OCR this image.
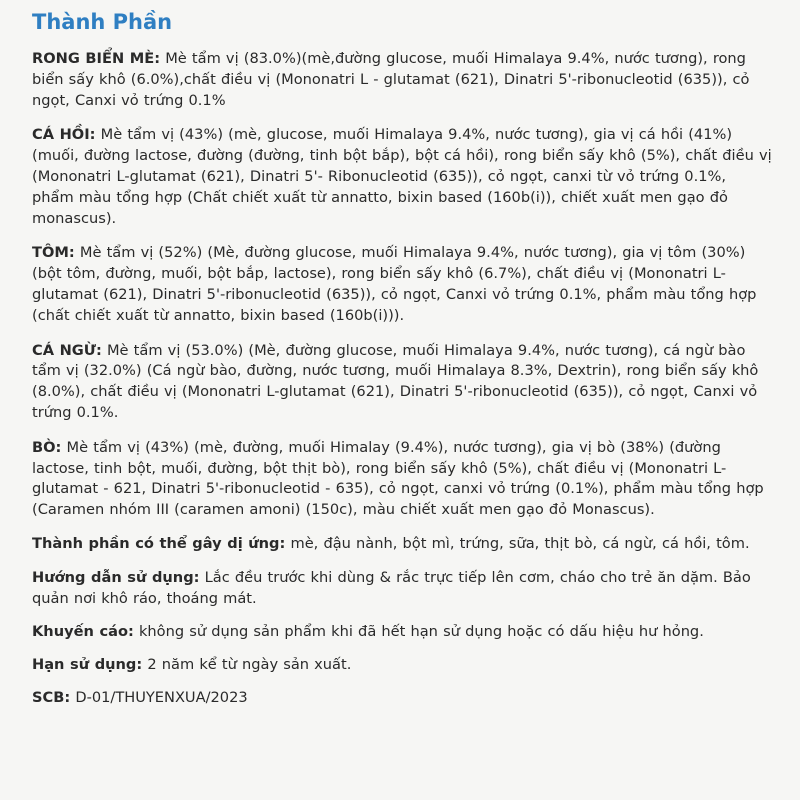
Thành Phần

RONG BIỂN MÈ: Mè tẩm vị (83.0%)(mè,đường glucose, muối Himalaya 9.4%, nước tương), rong biển sấy khô (6.0%),chất điều vị (Mononatri L - glutamat (621), Dinatri 5'-ribonucleotid (635)), cỏ ngọt, Canxi vỏ trứng 0.1%

CÁ HỒI: Mè tẩm vị (43%) (mè, glucose, muối Himalaya 9.4%, nước tương), gia vị cá hồi (41%) (muối, đường lactose, đường (đường, tinh bột bắp), bột cá hồi), rong biển sấy khô (5%), chất điều vị (Mononatri L-glutamat (621), Dinatri 5'- Ribonucleotid (635)), cỏ ngọt, canxi từ vỏ trứng 0.1%, phẩm màu tổng hợp (Chất chiết xuất từ annatto, bixin based (160b(i)), chiết xuất men gạo đỏ monascus).

TÔM: Mè tẩm vị (52%) (Mè, đường glucose, muối Himalaya 9.4%, nước tương), gia vị tôm (30%) (bột tôm, đường, muối, bột bắp, lactose), rong biển sấy khô (6.7%), chất điều vị (Mononatri L-glutamat (621), Dinatri 5'-ribonucleotid (635)), cỏ ngọt, Canxi vỏ trứng 0.1%, phẩm màu tổng hợp (chất chiết xuất từ annatto, bixin based (160b(i))).

CÁ NGỪ: Mè tẩm vị (53.0%) (Mè, đường glucose, muối Himalaya 9.4%, nước tương), cá ngừ bào tẩm vị (32.0%) (Cá ngừ bào, đường, nước tương, muối Himalaya 8.3%, Dextrin), rong biển sấy khô (8.0%), chất điều vị (Mononatri L-glutamat (621), Dinatri 5'-ribonucleotid (635)), cỏ ngọt, Canxi vỏ trứng 0.1%.

BÒ: Mè tẩm vị (43%) (mè, đường, muối Himalay (9.4%), nước tương), gia vị bò (38%) (đường lactose, tinh bột, muối, đường, bột thịt bò), rong biển sấy khô (5%), chất điều vị (Mononatri L-glutamat - 621, Dinatri 5'-ribonucleotid - 635), cỏ ngọt, canxi vỏ trứng (0.1%), phẩm màu tổng hợp (Caramen nhóm III (caramen amoni) (150c), màu chiết xuất men gạo đỏ Monascus).

Thành phần có thể gây dị ứng: mè, đậu nành, bột mì, trứng, sữa, thịt bò, cá ngừ, cá hồi, tôm.

Hướng dẫn sử dụng: Lắc đều trước khi dùng & rắc trực tiếp lên cơm, cháo cho trẻ ăn dặm. Bảo quản nơi khô ráo, thoáng mát.

Khuyến cáo: không sử dụng sản phẩm khi đã hết hạn sử dụng hoặc có dấu hiệu hư hỏng.

Hạn sử dụng: 2 năm kể từ ngày sản xuất.

SCB: D-01/THUYENXUA/2023
